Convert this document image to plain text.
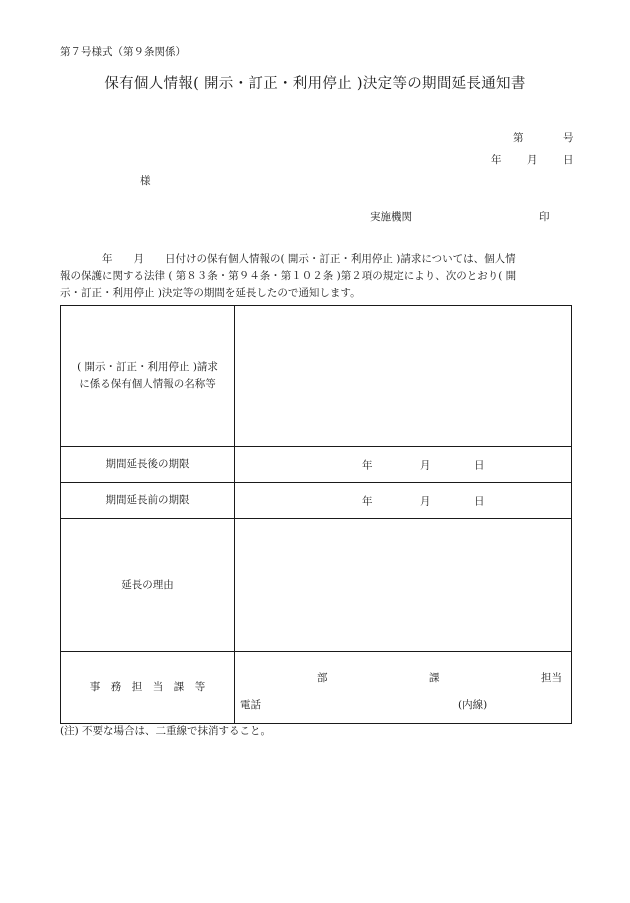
第７号様式（第９条関係）
保有個人情報( 開示・訂正・利用停止 )決定等の期間延長通知書
第	号
年 月 日
様
実施機関	印
　　　　年　　月　　日付けの保有個人情報の( 開示・訂正・利用停止 )請求については、個人情
報の保護に関する法律 ( 第８３条・第９４条・第１０２条 )第２項の規定により、次のとおり( 開
示・訂正・利用停止 )決定等の期間を延長したので通知します。
( 開示・訂正・利用停止 )請求
に係る保有個人情報の名称等	

期間延長後の期限	年 月 日

期間延長前の期限	年 月 日

延長の理由	
事　務　担　当　課　等	部 課 担当
電話 (内線)
(注) 不要な場合は、二重線で抹消すること。
